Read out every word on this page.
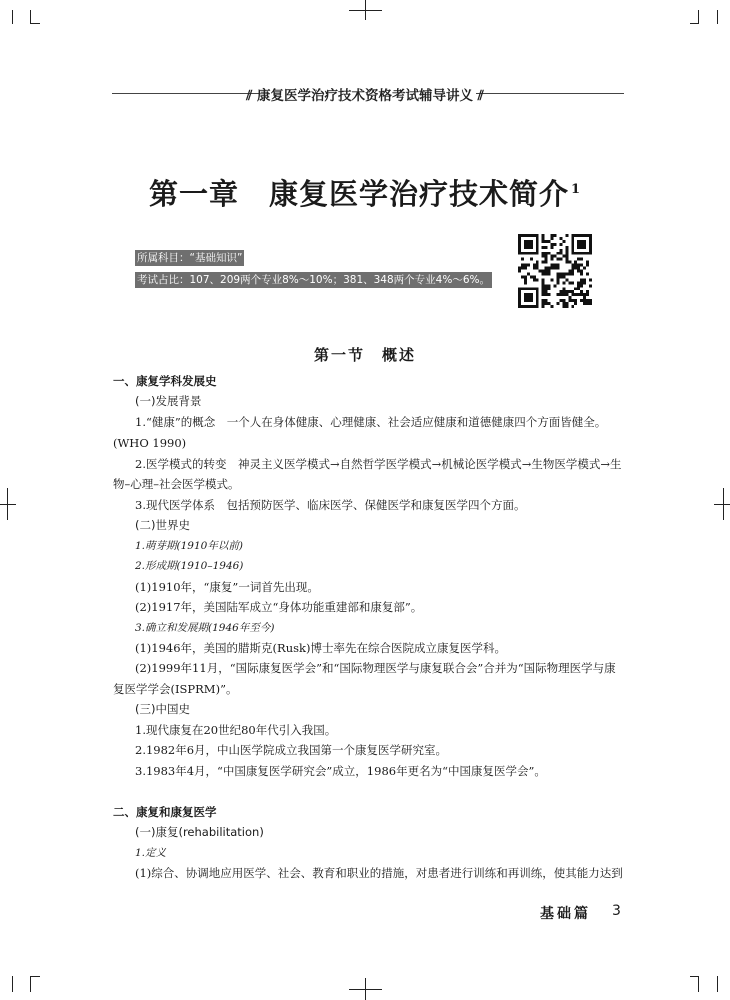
⫽ 康复医学治疗技术资格考试辅导讲义 ⫽
第一章　康复医学治疗技术简介 $^1$
所属科目：“基础知识”
考试占比：107、209两个专业8%～10%；381、348两个专业4%～6%。
第一节　概述
一、康复学科发展史
(一)发展背景
1.“健康”的概念　一个人在身体健康、心理健康、社会适应健康和道德健康四个方面皆健全。
(WHO 1990)
2.医学模式的转变　神灵主义医学模式→自然哲学医学模式→机械论医学模式→生物医学模式→生
物–心理–社会医学模式。
3.现代医学体系　包括预防医学、临床医学、保健医学和康复医学四个方面。
(二)世界史
1.萌芽期(1910年以前)
2.形成期(1910–1946)
(1)1910年，“康复”一词首先出现。
(2)1917年，美国陆军成立“身体功能重建部和康复部”。
3.确立和发展期(1946年至今)
(1)1946年，美国的腊斯克(Rusk)博士率先在综合医院成立康复医学科。
(2)1999年11月，“国际康复医学会”和“国际物理医学与康复联合会”合并为“国际物理医学与康
复医学学会(ISPRM)”。
(三)中国史
1.现代康复在20世纪80年代引入我国。
2.1982年6月，中山医学院成立我国第一个康复医学研究室。
3.1983年4月，“中国康复医学研究会”成立，1986年更名为“中国康复医学会”。
二、康复和康复医学
(一)康复(rehabilitation)
1.定义
(1)综合、协调地应用医学、社会、教育和职业的措施，对患者进行训练和再训练，使其能力达到
基础篇 3
